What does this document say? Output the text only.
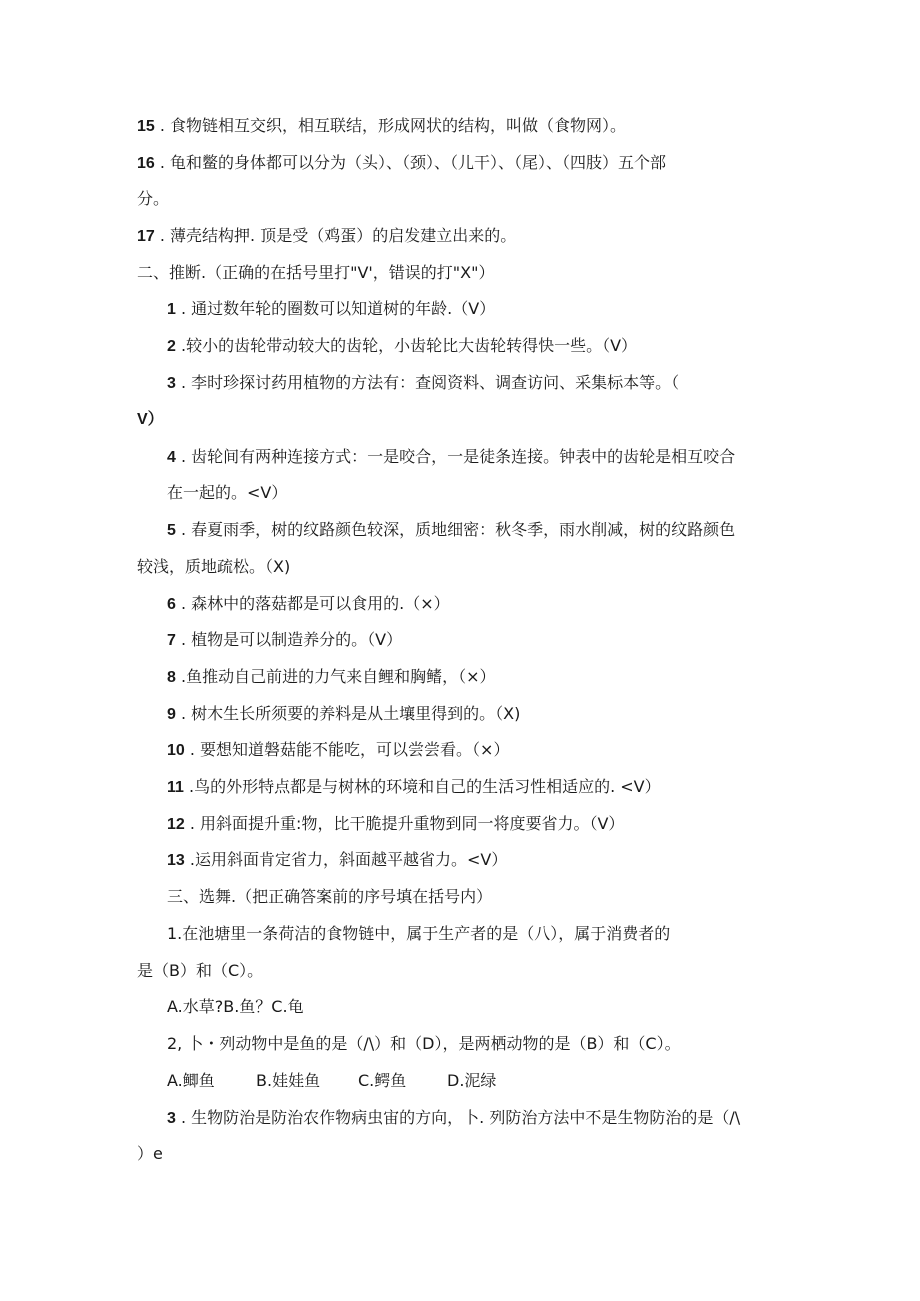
15 . 食物链相互交织，相互联结，形成网状的结构，叫做（食物网）。
16 . 龟和鳖的身体都可以分为（头）、（颈）、（儿干）、（尾）、（四肢）五个部
分。
17 . 薄壳结构押. 顶是受（鸡蛋）的启发建立出来的。
二、推断.（正确的在括号里打"V'，错误的打"X"）
1 . 通过数年轮的圈数可以知道树的年龄.（V）
2 .较小的齿轮带动较大的齿轮，小齿轮比大齿轮转得快一些。（V）
3 . 李时珍探讨药用植物的方法有：查阅资料、调查访问、采集标本等。（
V）
4 . 齿轮间有两种连接方式：一是咬合，一是徒条连接。钟表中的齿轮是相互咬合
在一起的。<V）
5 . 春夏雨季，树的纹路颜色较深，质地细密：秋冬季，雨水削减，树的纹路颜色
较浅，质地疏松。（X)
6 . 森林中的落菇都是可以食用的.（×）
7 . 植物是可以制造养分的。（V）
8 .鱼推动自己前进的力气来自鲤和胸鳍，（×）
9 . 树木生长所须要的养料是从土壤里得到的。（X)
10 . 要想知道磐菇能不能吃，可以尝尝看。（×）
11 .鸟的外形特点都是与树林的环境和自己的生活习性相适应的. <V）
12 . 用斜面提升重:物，比干脆提升重物到同一将度要省力。（V）
13 .运用斜面肯定省力，斜面越平越省力。<V）
三、选舞.（把正确答案前的序号填在括号内）
1.在池塘里一条荷洁的食物链中，属于生产者的是（八），属于消费者的
是（B）和（C）。
A.水草?B.鱼？C.龟
2, 卜・列动物中是鱼的是（/\）和（D），是两栖动物的是（B）和（C）。
A.鲫鱼	B.娃娃鱼 C.鳄鱼	D.泥绿
3 . 生物防治是防治农作物病虫宙的方向，卜. 列防治方法中不是生物防治的是（/\
）e
